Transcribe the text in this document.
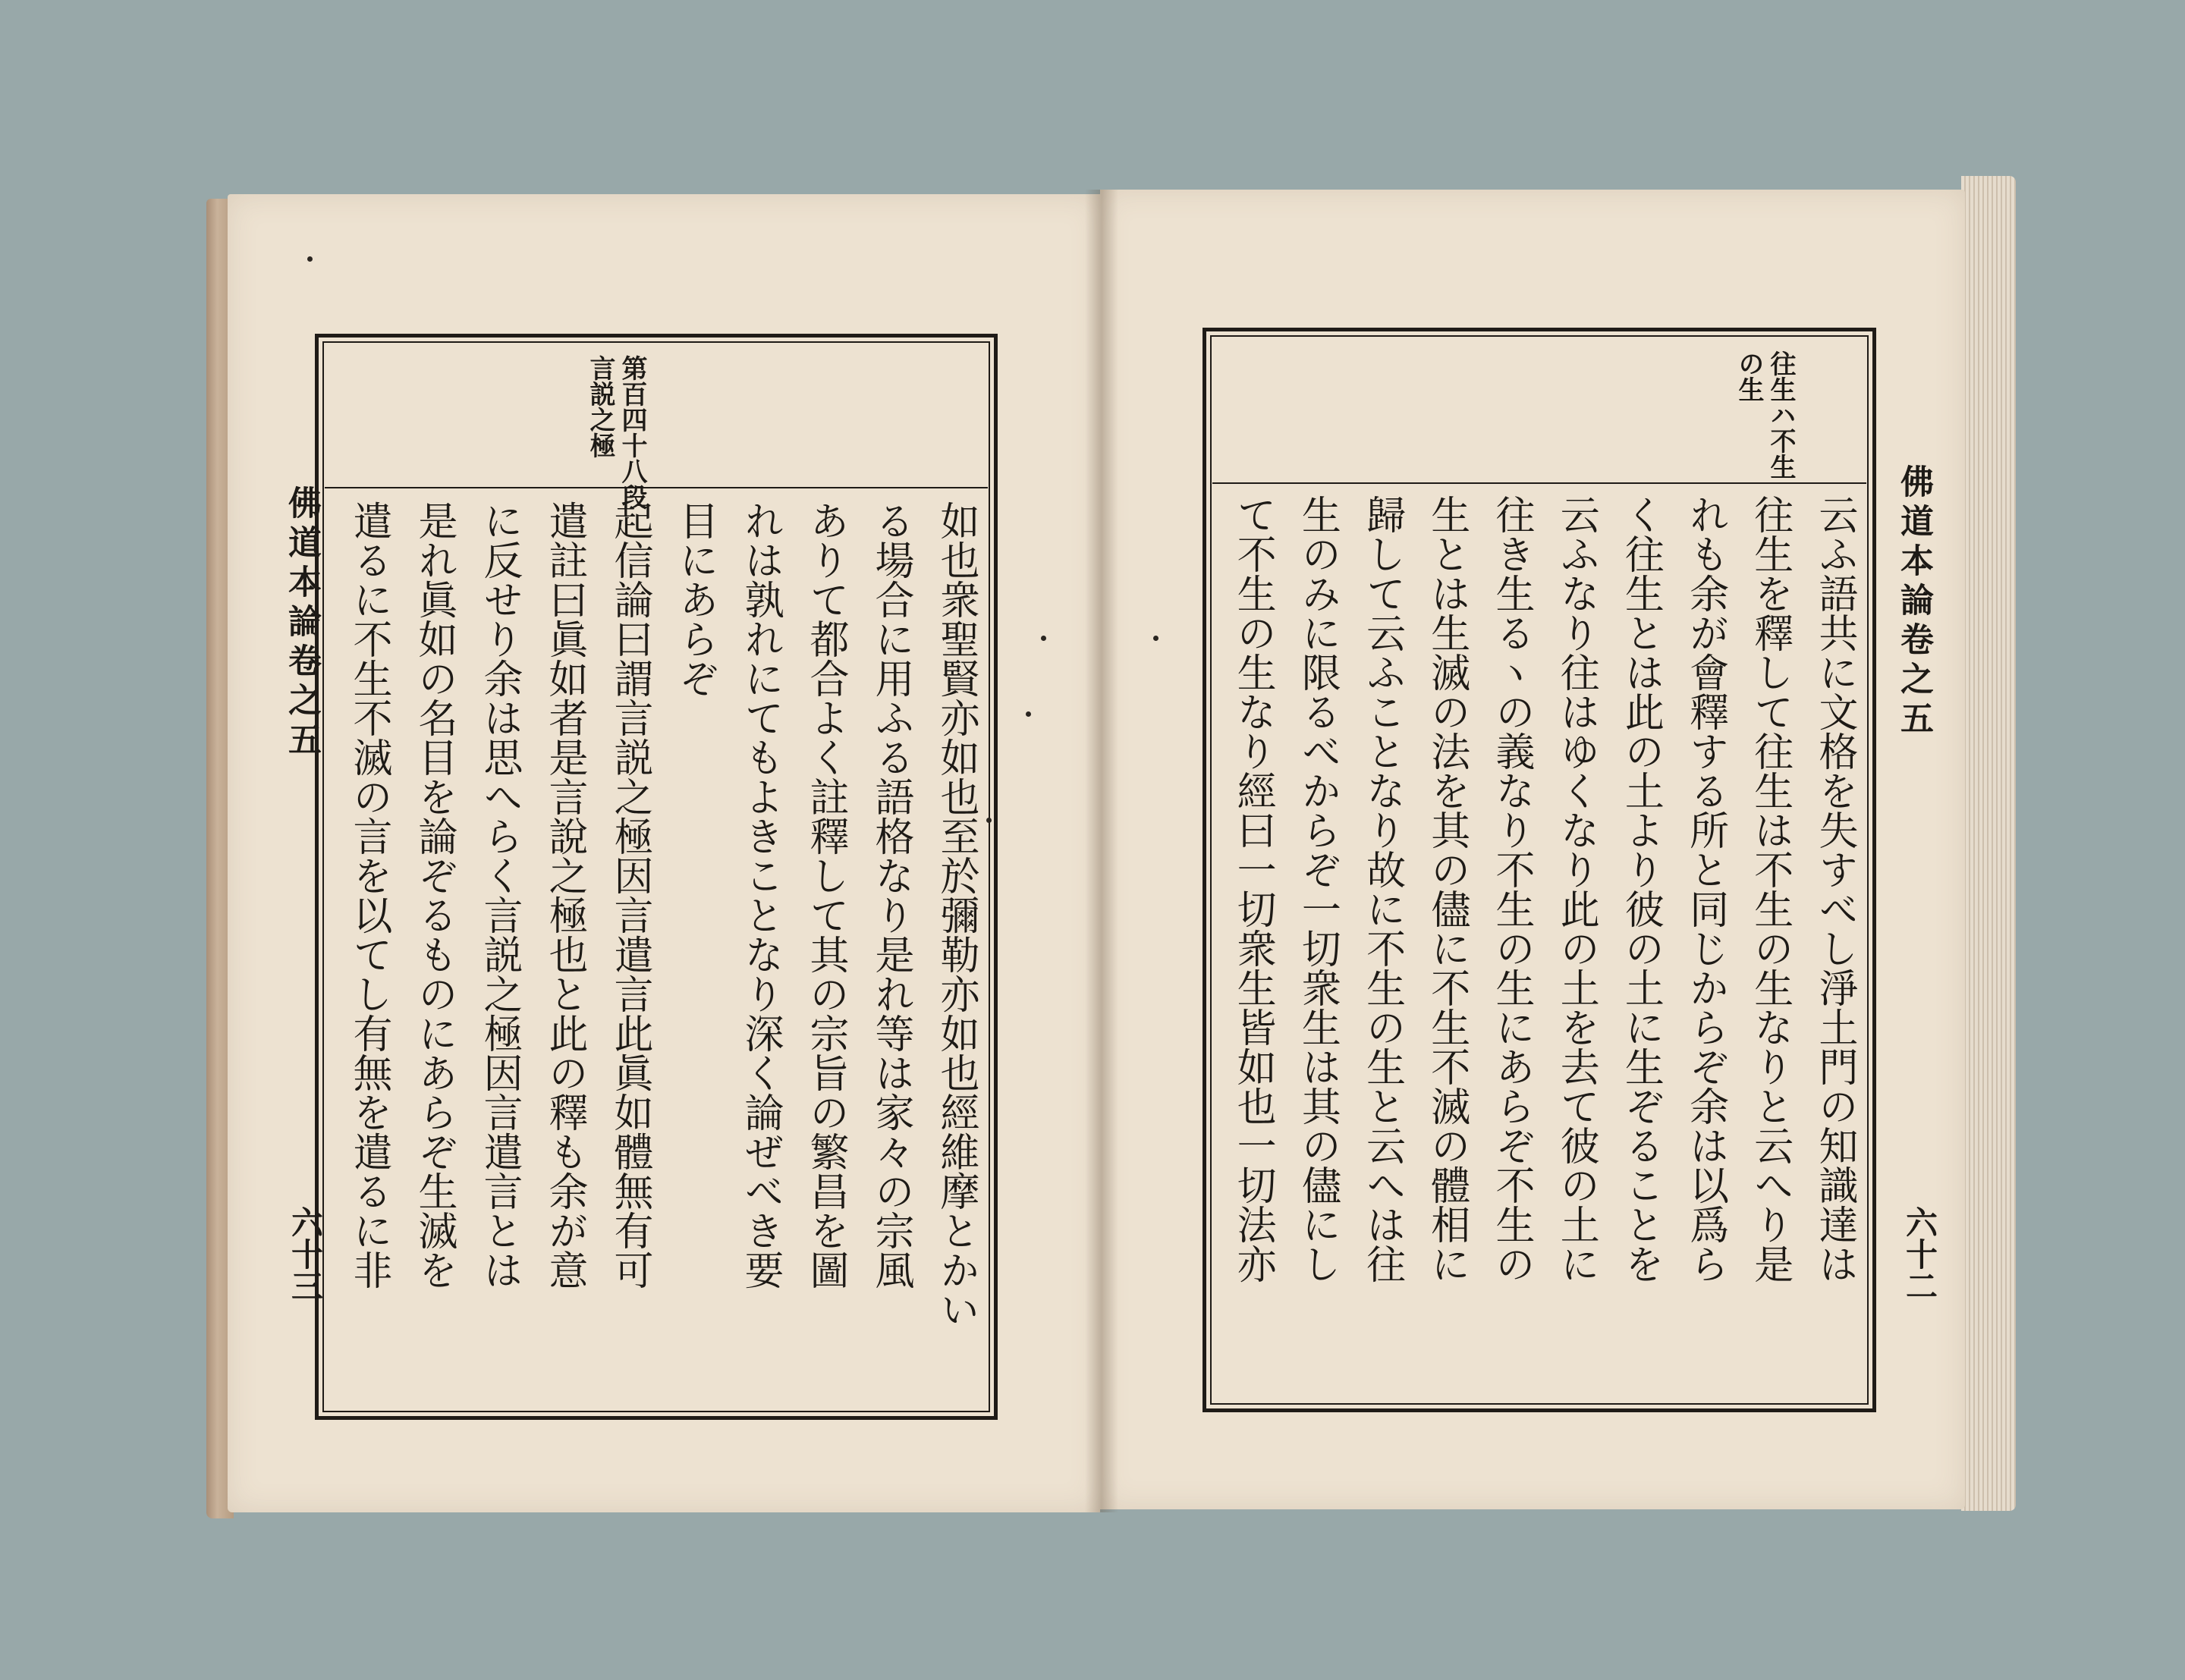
佛道本論卷之五
六十三
第百四十八段
言説之極
如也衆聖賢亦如也至於彌勒亦如也經維摩とかい
る場合に用ふる語格なり是れ等は家々の宗風
ありて都合よく註釋して其の宗旨の繁昌を圖
れは孰れにてもよきことなり深く論ぜべき要
目にあらぞ
起信論曰謂言説之極因言遣言此眞如體無有可
遣註曰眞如者是言說之極也と此の釋も余が意
に反せり余は思へらく言説之極因言遣言とは
是れ眞如の名目を論ぞるものにあらぞ生滅を
遣るに不生不滅の言を以てし有無を遣るに非	佛道本論卷之五
六十二
往生ハ不生
の生
云ふ語共に文格を失すべし淨土門の知識達は
往生を釋して往生は不生の生なりと云へり是
れも余が會釋する所と同じからぞ余は以爲ら
く往生とは此の土より彼の土に生ぞることを
云ふなり往はゆくなり此の土を去て彼の土に
往き生るヽの義なり不生の生にあらぞ不生の
生とは生滅の法を其の儘に不生不滅の體相に
歸して云ふことなり故に不生の生と云へは往
生のみに限るべからぞ一切衆生は其の儘にし
て不生の生なり經曰一切衆生皆如也一切法亦
